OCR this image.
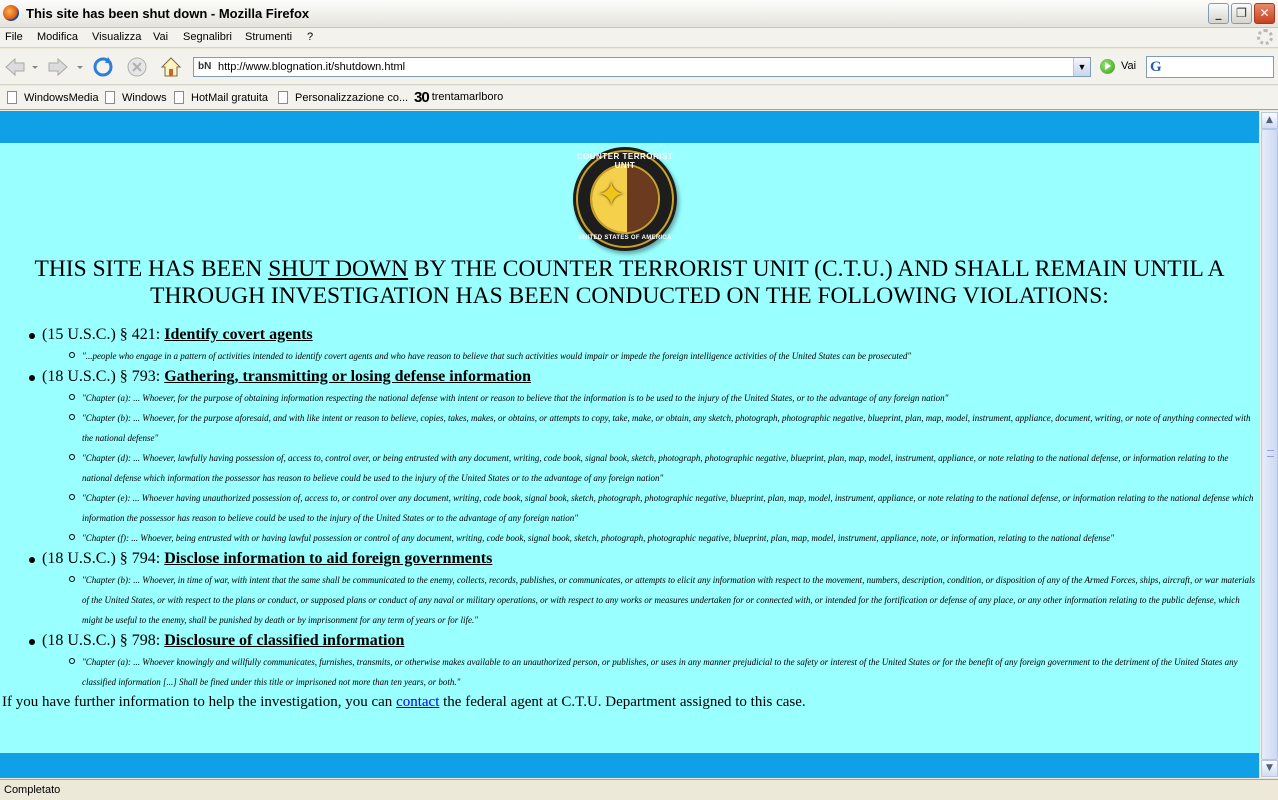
This site has been shut down - Mozilla Firefox	_	❐	✕
File Modifica Visualizza Vai Segnalibri Strumenti ?
bN http://www.blognation.it/shutdown.html	▼	Vai G
WindowsMedia	Windows	HotMail gratuita	Personalizzazione co... 30 trentamarlboro
✦
COUNTER TERRORIST UNIT
UNITED STATES OF AMERICA
THIS SITE HAS BEEN SHUT DOWN BY THE COUNTER TERRORIST UNIT (C.T.U.) AND SHALL REMAIN UNTIL A THROUGH INVESTIGATION HAS BEEN CONDUCTED ON THE FOLLOWING VIOLATIONS:
(15 U.S.C.) § 421: Identify covert agents
"...people who engage in a pattern of activities intended to identify covert agents and who have reason to believe that such activities would impair or impede the foreign intelligence activities of the United States can be prosecuted"
(18 U.S.C.) § 793: Gathering, transmitting or losing defense information
"Chapter (a): ... Whoever, for the purpose of obtaining information respecting the national defense with intent or reason to believe that the information is to be used to the injury of the United States, or to the advantage of any foreign nation"
"Chapter (b): ... Whoever, for the purpose aforesaid, and with like intent or reason to believe, copies, takes, makes, or obtains, or attempts to copy, take, make, or obtain, any sketch, photograph, photographic negative, blueprint, plan, map, model, instrument, appliance, document, writing, or note of anything connected with the national defense"
"Chapter (d): ... Whoever, lawfully having possession of, access to, control over, or being entrusted with any document, writing, code book, signal book, sketch, photograph, photographic negative, blueprint, plan, map, model, instrument, appliance, or note relating to the national defense, or information relating to the national defense which information the possessor has reason to believe could be used to the injury of the United States or to the advantage of any foreign nation"
"Chapter (e): ... Whoever having unauthorized possession of, access to, or control over any document, writing, code book, signal book, sketch, photograph, photographic negative, blueprint, plan, map, model, instrument, appliance, or note relating to the national defense, or information relating to the national defense which information the possessor has reason to believe could be used to the injury of the United States or to the advantage of any foreign nation"
"Chapter (f): ... Whoever, being entrusted with or having lawful possession or control of any document, writing, code book, signal book, sketch, photograph, photographic negative, blueprint, plan, map, model, instrument, appliance, note, or information, relating to the national defense"
(18 U.S.C.) § 794: Disclose information to aid foreign governments
"Chapter (b): ... Whoever, in time of war, with intent that the same shall be communicated to the enemy, collects, records, publishes, or communicates, or attempts to elicit any information with respect to the movement, numbers, description, condition, or disposition of any of the Armed Forces, ships, aircraft, or war materials of the United States, or with respect to the plans or conduct, or supposed plans or conduct of any naval or military operations, or with respect to any works or measures undertaken for or connected with, or intended for the fortification or defense of any place, or any other information relating to the public defense, which might be useful to the enemy, shall be punished by death or by imprisonment for any term of years or for life."
(18 U.S.C.) § 798: Disclosure of classified information
"Chapter (a): ... Whoever knowingly and willfully communicates, furnishes, transmits, or otherwise makes available to an unauthorized person, or publishes, or uses in any manner prejudicial to the safety or interest of the United States or for the benefit of any foreign government to the detriment of the United States any classified information [...] Shall be fined under this title or imprisoned not more than ten years, or both."
If you have further information to help the investigation, you can contact the federal agent at C.T.U. Department assigned to this case.
▲
▼
Completato
